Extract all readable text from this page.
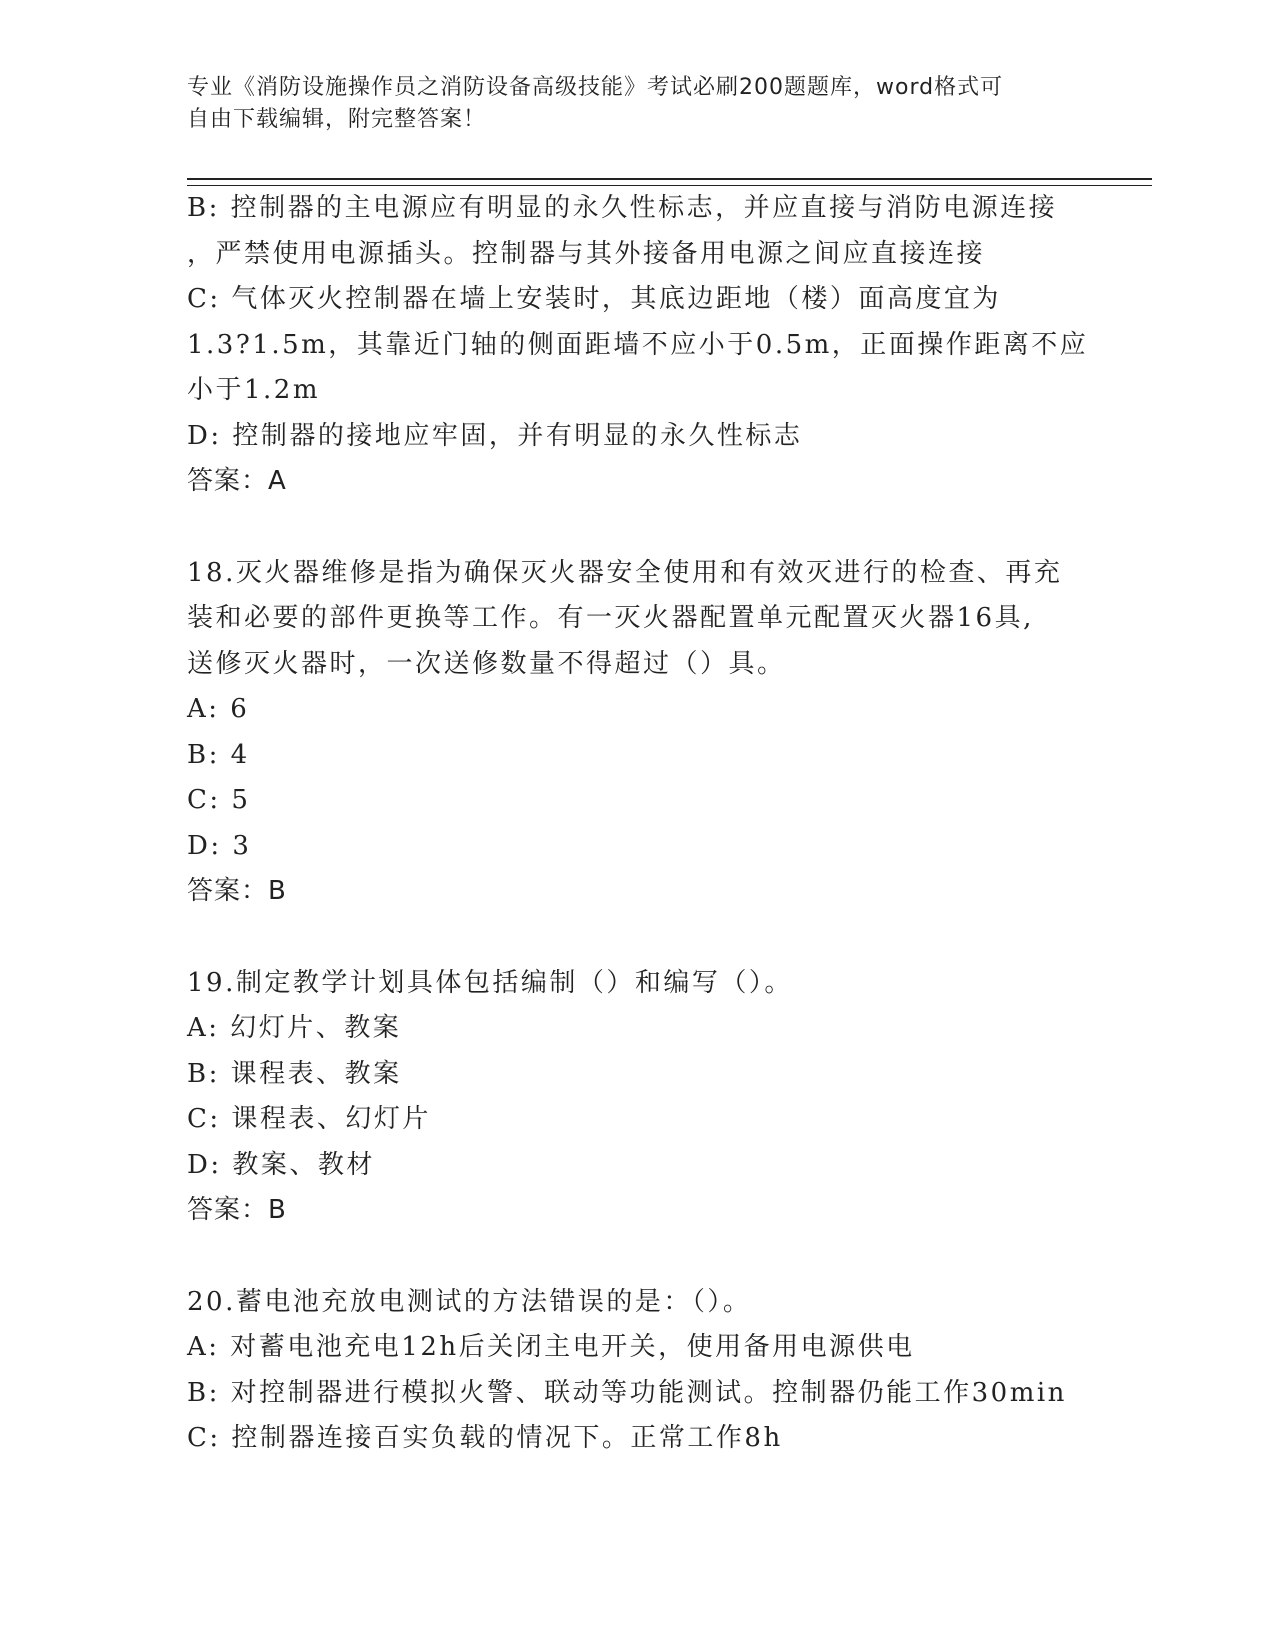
专业《消防设施操作员之消防设备高级技能》考试必刷200题题库，word格式可
自由下载编辑，附完整答案！

B: 控制器的主电源应有明显的永久性标志，并应直接与消防电源连接

，严禁使用电源插头。控制器与其外接备用电源之间应直接连接

C: 气体灭火控制器在墙上安装时，其底边距地（楼）面高度宜为

1.3?1.5m，其靠近门轴的侧面距墙不应小于0.5m，正面操作距离不应

小于1.2m

D: 控制器的接地应牢固，并有明显的永久性标志

答案：A

18.灭火器维修是指为确保灭火器安全使用和有效灭进行的检查、再充

装和必要的部件更换等工作。有一灭火器配置单元配置灭火器16具,

送修灭火器时，一次送修数量不得超过（）具。

A: 6

B: 4

C: 5

D: 3

答案：B

19.制定教学计划具体包括编制（）和编写（）。

A: 幻灯片、教案

B: 课程表、教案

C: 课程表、幻灯片

D: 教案、教材

答案：B

20.蓄电池充放电测试的方法错误的是：（）。

A: 对蓄电池充电12h后关闭主电开关，使用备用电源供电

B: 对控制器进行模拟火警、联动等功能测试。控制器仍能工作30min

C: 控制器连接百实负载的情况下。正常工作8h
